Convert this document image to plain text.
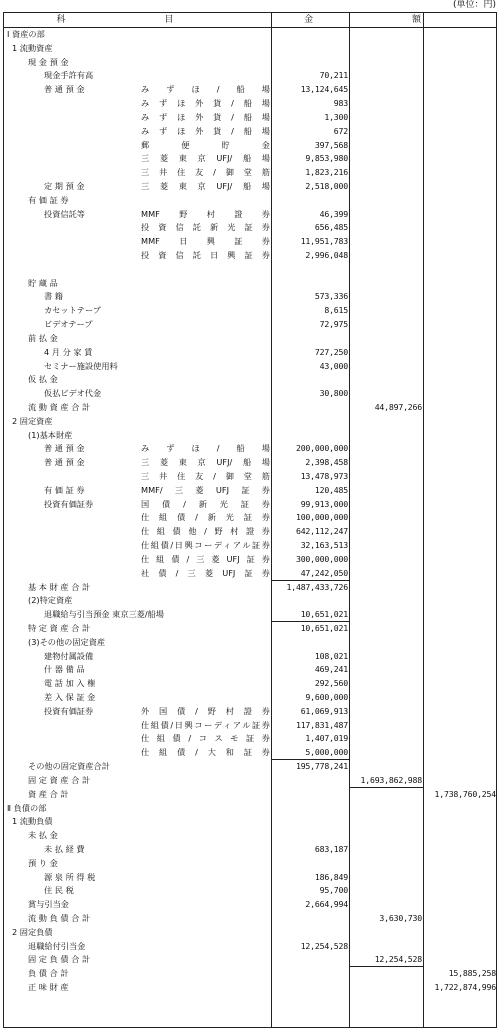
(単位：円)
科　目	金　額
Ⅰ 資産の部
1 流動資産
現 金 預 金
現金手許有高	70,211
普 通 預 金	みずほ/船場	13,124,645
みずほ外貨/船場	983
みずほ外貨/船場	1,300
みずほ外貨/船場	672
郵便貯金	397,568
三菱東京UFJ/船場	9,853,980
三井住友/御堂筋	1,823,216
定 期 預 金	三菱東京UFJ/船場	2,518,000
有 価 証 券
投資信託等	MMF野村證券	46,399
投資信託新光証券	656,485
MMF日興証券	11,951,783
投資信託日興証券	2,996,048
貯 蔵 品
書 籍	573,336
カセットテープ	8,615
ビデオテープ	72,975
前 払 金
4 月 分 家 賃	727,250
セミナー施設使用料	43,000
仮 払 金
仮払ビデオ代金	30,800
流 動 資 産 合 計	44,897,266
2 固定資産
(1)基本財産
普 通 預 金	みずほ/船場	200,000,000
普 通 預 金	三菱東京UFJ/船場	2,398,458
三井住友/御堂筋	13,478,973
有 価 証 券	MMF/三菱UFJ証券	120,485
投資有価証券	国債/新光証券	99,913,000
仕組債/新光証券	100,000,000
仕組債他/野村證券	642,112,247
仕組債/日興コーディアル証券	32,163,513
仕組債/三菱UFJ証券	300,000,000
社債/三菱UFJ証券	47,242,050
基 本 財 産 合 計	1,487,433,726
(2)特定資産
退職給与引当預金 東京三菱/船場	10,651,021
特 定 資 産 合 計	10,651,021
(3)その他の固定資産
建物付属設備	108,021
什 器 備 品	469,241
電 話 加 入 権	292,560
差 入 保 証 金	9,600,000
投資有価証券	外国債/野村證券	61,069,913
仕組債/日興コーディアル証券	117,831,487
仕組債/コスモ証券	1,407,019
仕組債/大和証券	5,000,000
その他の固定資産合計	195,778,241
固 定 資 産 合 計	1,693,862,988
資 産 合 計	1,738,760,254
Ⅱ 負債の部
1 流動負債
未 払 金
未 払 経 費	683,187
預 り 金
源 泉 所 得 税	186,849
住 民 税	95,700
賞与引当金	2,664,994
流 動 負 債 合 計	3,630,730
2 固定負債
退職給付引当金	12,254,528
固 定 負 債 合 計	12,254,528
負 債 合 計	15,885,258
正 味 財 産	1,722,874,996
